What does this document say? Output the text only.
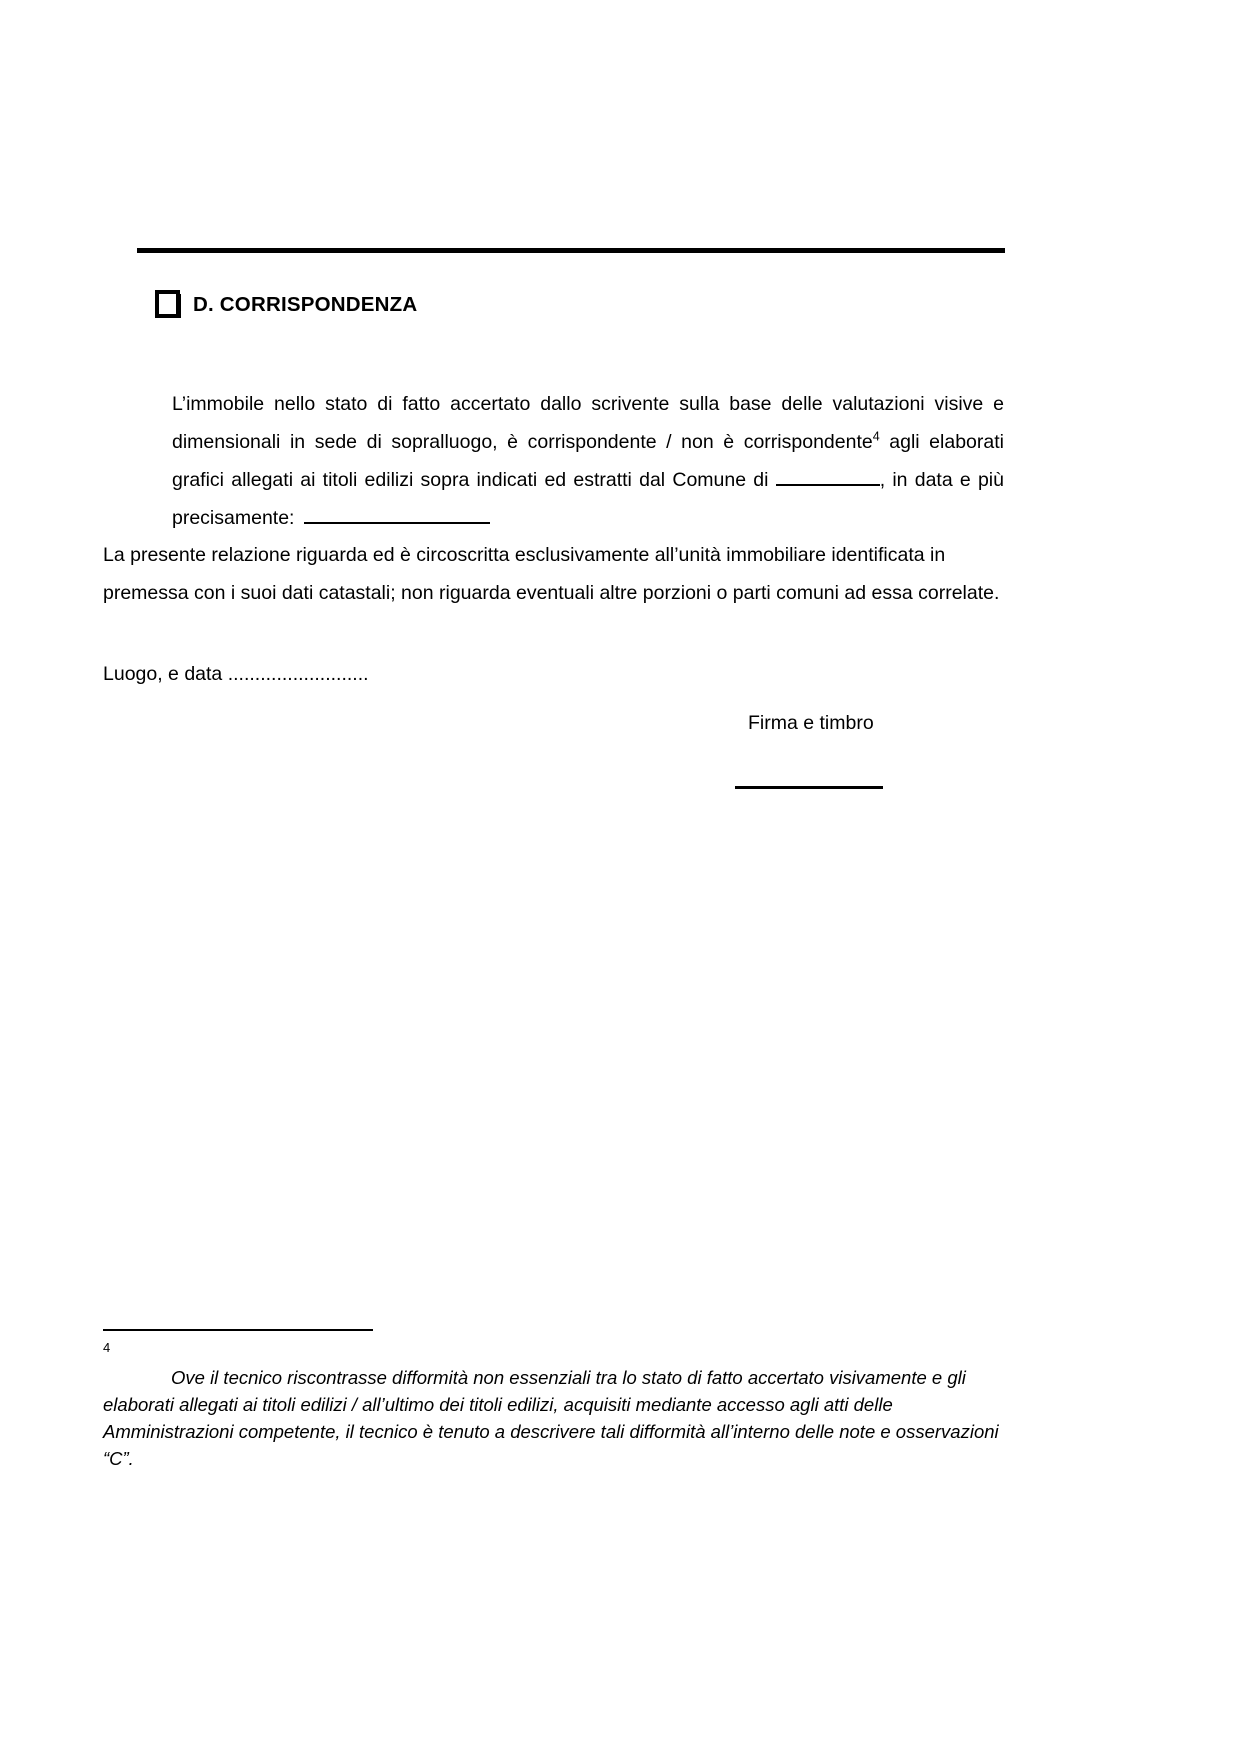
D. CORRISPONDENZA
L’immobile nello stato di fatto accertato dallo scrivente sulla base delle valutazioni visive e dimensionali in sede di sopralluogo, è corrispondente / non è corrispondente$^4$ agli elaborati grafici allegati ai titoli edilizi sopra indicati ed estratti dal Comune di	, in data e più precisamente:
La presente relazione riguarda ed è circoscritta esclusivamente all’unità immobiliare identificata in premessa con i suoi dati catastali; non riguarda eventuali altre porzioni o parti comuni ad essa correlate.
Luogo, e data ..........................
Firma e timbro
4
Ove il tecnico riscontrasse difformità non essenziali tra lo stato di fatto accertato visivamente e gli elaborati allegati ai titoli edilizi / all’ultimo dei titoli edilizi, acquisiti mediante accesso agli atti delle Amministrazioni competente, il tecnico è tenuto a descrivere tali difformità all’interno delle note e osservazioni “C”.
